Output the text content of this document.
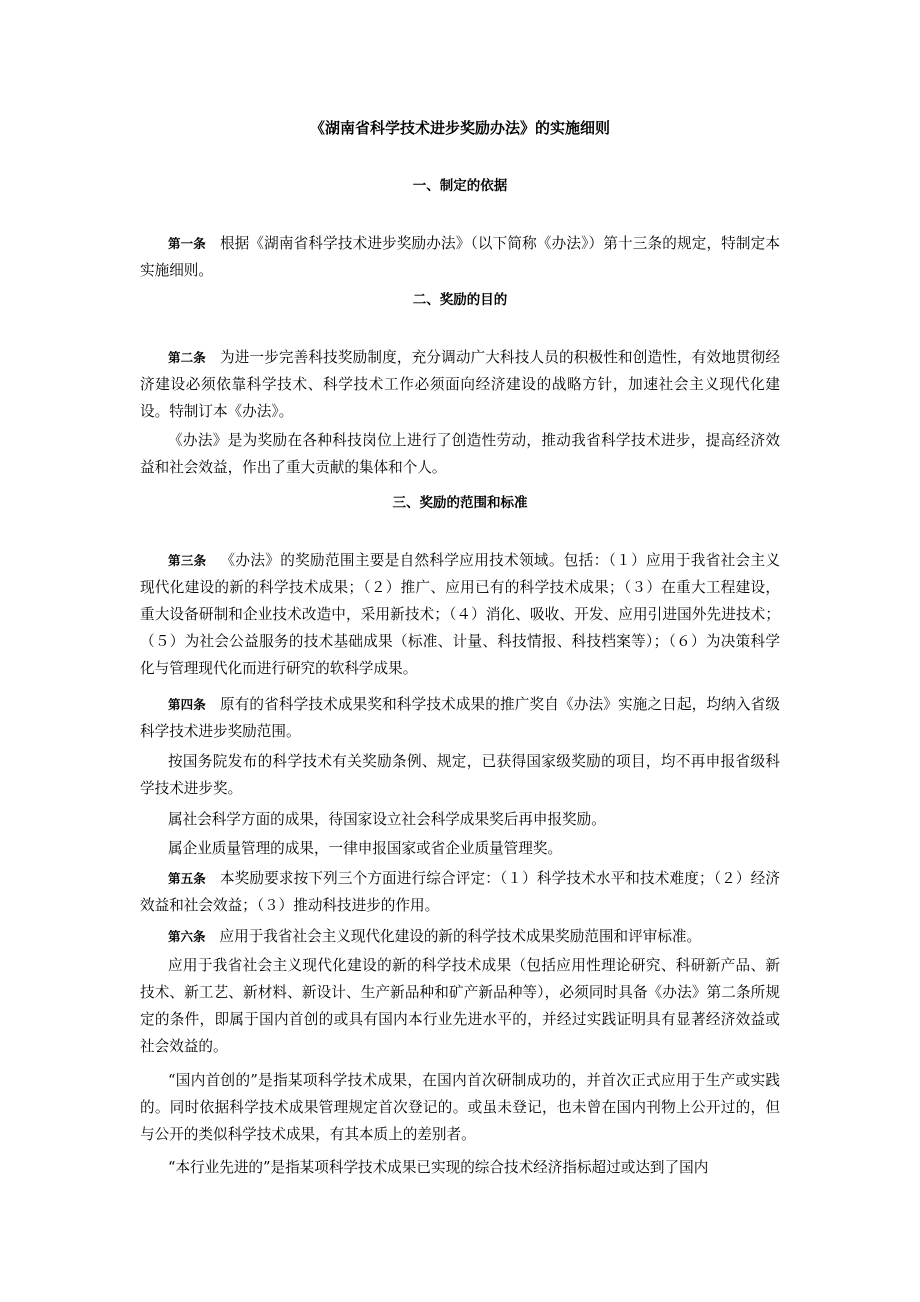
《湖南省科学技术进步奖励办法》的实施细则
一、制定的依据
第一条 根据《湖南省科学技术进步奖励办法》（以下简称《办法》）第十三条的规定，特制定本实施细则。
二、奖励的目的
第二条 为进一步完善科技奖励制度，充分调动广大科技人员的积极性和创造性，有效地贯彻经济建设必须依靠科学技术、科学技术工作必须面向经济建设的战略方针，加速社会主义现代化建设。特制订本《办法》。
《办法》是为奖励在各种科技岗位上进行了创造性劳动，推动我省科学技术进步，提高经济效益和社会效益，作出了重大贡献的集体和个人。
三、奖励的范围和标准
第三条 《办法》的奖励范围主要是自然科学应用技术领域。包括：（１）应用于我省社会主义现代化建设的新的科学技术成果；（２）推广、应用已有的科学技术成果；（３）在重大工程建设，重大设备研制和企业技术改造中，采用新技术；（４）消化、吸收、开发、应用引进国外先进技术；（５）为社会公益服务的技术基础成果（标准、计量、科技情报、科技档案等）；（６）为决策科学化与管理现代化而进行研究的软科学成果。
第四条 原有的省科学技术成果奖和科学技术成果的推广奖自《办法》实施之日起，均纳入省级科学技术进步奖励范围。
按国务院发布的科学技术有关奖励条例、规定，已获得国家级奖励的项目，均不再申报省级科学技术进步奖。
属社会科学方面的成果，待国家设立社会科学成果奖后再申报奖励。
属企业质量管理的成果，一律申报国家或省企业质量管理奖。
第五条 本奖励要求按下列三个方面进行综合评定：（１）科学技术水平和技术难度；（２）经济效益和社会效益；（３）推动科技进步的作用。
第六条 应用于我省社会主义现代化建设的新的科学技术成果奖励范围和评审标准。
应用于我省社会主义现代化建设的新的科学技术成果（包括应用性理论研究、科研新产品、新技术、新工艺、新材料、新设计、生产新品种和矿产新品种等），必须同时具备《办法》第二条所规定的条件，即属于国内首创的或具有国内本行业先进水平的，并经过实践证明具有显著经济效益或社会效益的。
“国内首创的”是指某项科学技术成果，在国内首次研制成功的，并首次正式应用于生产或实践的。同时依据科学技术成果管理规定首次登记的。或虽未登记，也未曾在国内刊物上公开过的，但与公开的类似科学技术成果，有其本质上的差别者。
“本行业先进的”是指某项科学技术成果已实现的综合技术经济指标超过或达到了国内
